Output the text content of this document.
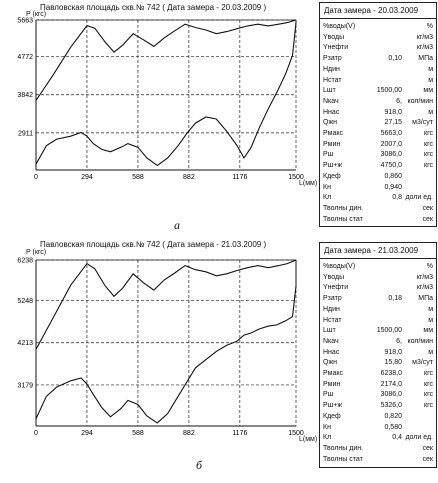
Павловская площадь скв.№ 742 ( Дата замера - 20.03.2009 )
P (кгс)
5663
4772
3842
2911
0	294	588	882	1176	1500
L(мм)
Дата замера - 20.03.2009
%воды(V)	%
Yводы	кг/м3
Yнефти	кг/м3
Рзатр	0,10 МПа
Hдин	м
Hстат	м
Lшт	1500,00	мм
Nкач	6, кол/мин
Hнас	918,0	м
Qжн	27,15 м3/сут
Pмакс	5663,0	кгс
Pмин	2007,0	кгс
Pш	3086,0	кгс
Pш+ж	4750,0	кгс
Кдеф	0,860
Кн	0,940
Кл	0,8 доли ед.
Тволны дин.	сек
Тволны стат	сек
а
Павловская площадь скв.№ 742 ( Дата замера - 21.03.2009 )
P (кгс)
6238
5248
4213
3179
0	294	588	882	1176	1500
L(мм)
Дата замера - 21.03.2009
%воды(V)	%
Yводы	кг/м3
Yнефти	кг/м3
Рзатр	0,18 МПа
Hдин	м
Hстат	м
Lшт	1500,00	мм
Nкач	6, кол/мин
Hнас	918,0	м
Qжн	15,80 м3/сут
Pмакс	6238,0	кгс
Pмин	2174,0	кгс
Pш	3086,0	кгс
Pш+ж	5326,0	кгс
Кдеф	0,820
Кн	0,580
Кл	0,4 доли ед.
Тволны дин.	сек
Тволны стат	сек
б
